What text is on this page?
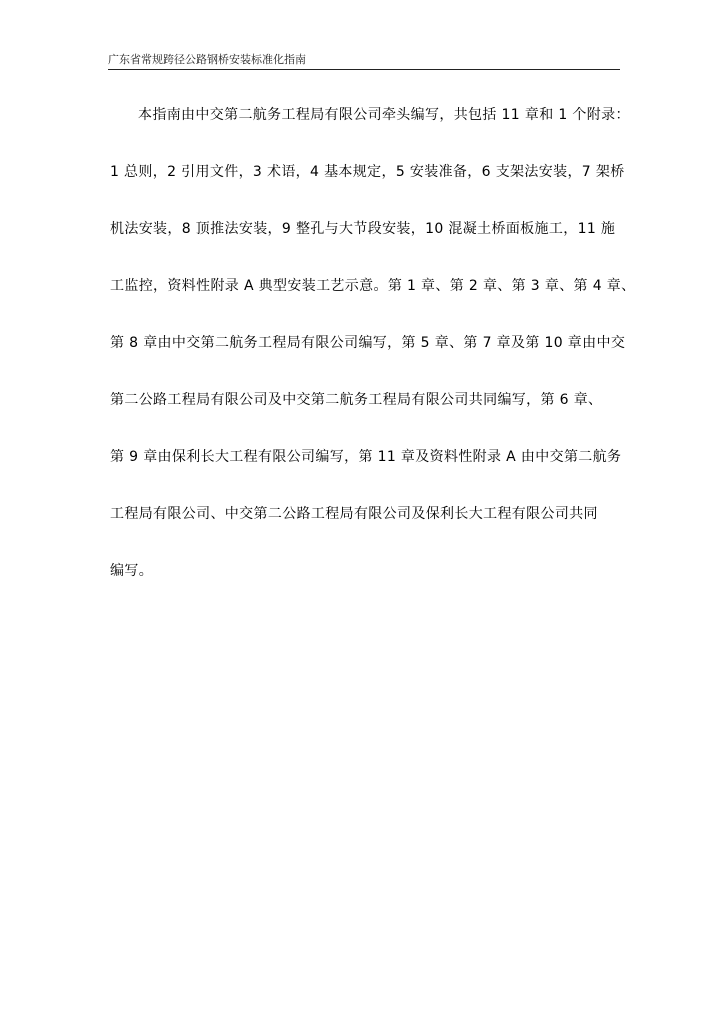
广东省常规跨径公路钢桥安装标准化指南
本指南由中交第二航务工程局有限公司牵头编写，共包括 11 章和 1 个附录：
1 总则，2 引用文件，3 术语，4 基本规定，5 安装准备，6 支架法安装，7 架桥
机法安装，8 顶推法安装，9 整孔与大节段安装，10 混凝土桥面板施工，11 施
工监控，资料性附录 A 典型安装工艺示意。第 1 章、第 2 章、第 3 章、第 4 章、
第 8 章由中交第二航务工程局有限公司编写，第 5 章、第 7 章及第 10 章由中交
第二公路工程局有限公司及中交第二航务工程局有限公司共同编写，第 6 章、
第 9 章由保利长大工程有限公司编写，第 11 章及资料性附录 A 由中交第二航务
工程局有限公司、中交第二公路工程局有限公司及保利长大工程有限公司共同
编写。
